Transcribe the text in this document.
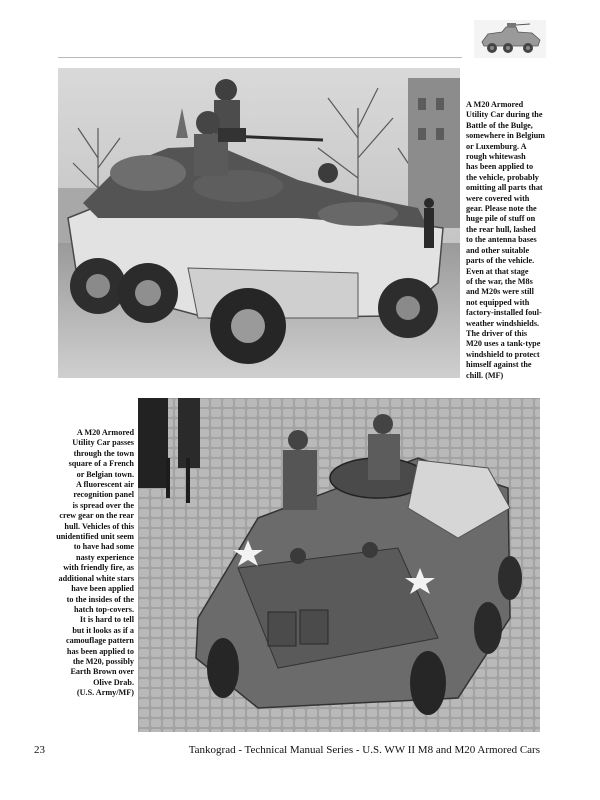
A M20 Armored
Utility Car during the
Battle of the Bulge,
somewhere in Belgium
or Luxemburg. A
rough whitewash
has been applied to
the vehicle, probably
omitting all parts that
were covered with
gear. Please note the
huge pile of stuff on
the rear hull, lashed
to the antenna bases
and other suitable
parts of the vehicle.
Even at that stage
of the war, the M8s
and M20s were still
not equipped with
factory-installed foul-
weather windshields.
The driver of this
M20 uses a tank-type
windshield to protect
himself against the
chill. (MF)
A M20 Armored
Utility Car passes
through the town
square of a French
or Belgian town.
A fluorescent air
recognition panel
is spread over the
crew gear on the rear
hull. Vehicles of this
unidentified unit seem
to have had some
nasty experience
with friendly fire, as
additional white stars
have been applied
to the insides of the
hatch top-covers.
It is hard to tell
but it looks as if a
camouflage pattern
has been applied to
the M20, possibly
Earth Brown over
Olive Drab.
(U.S. Army/MF)
23	Tankograd - Technical Manual Series - U.S. WW II M8 and M20 Armored Cars
